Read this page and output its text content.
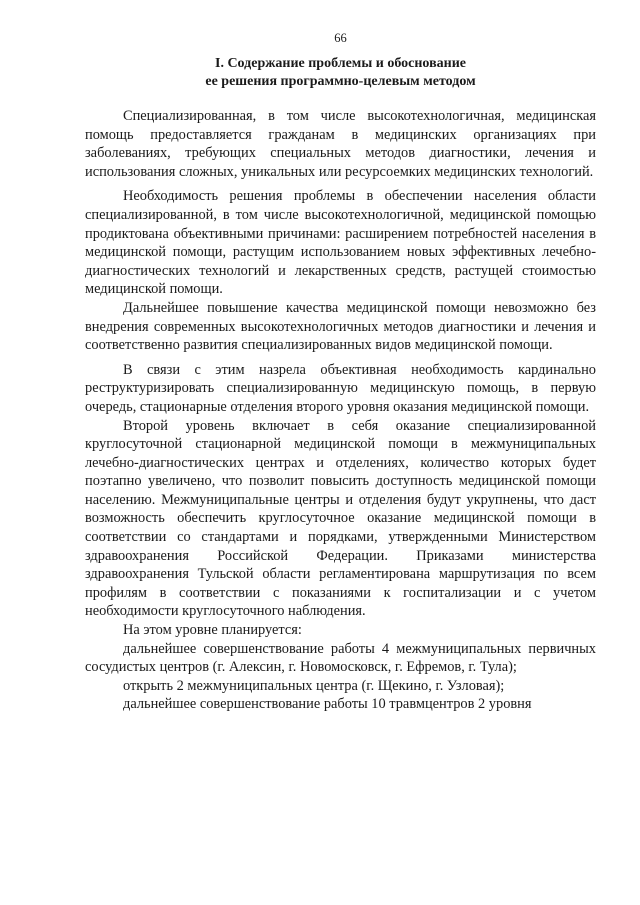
66
I. Содержание проблемы и обоснование
ее решения программно-целевым методом

Специализированная, в том числе высокотехнологичная, медицинская помощь предоставляется гражданам в медицинских организациях при заболеваниях, требующих специальных методов диагностики, лечения и использования сложных, уникальных или ресурсоемких медицинских технологий.

Необходимость решения проблемы в обеспечении населения области специализированной, в том числе высокотехнологичной, медицинской помощью продиктована объективными причинами: расширением потребностей населения в медицинской помощи, растущим использованием новых эффективных лечебно-диагностических технологий и лекарственных средств, растущей стоимостью медицинской помощи.

Дальнейшее повышение качества медицинской помощи невозможно без внедрения современных высокотехнологичных методов диагностики и лечения и соответственно развития специализированных видов медицинской помощи.

В связи с этим назрела объективная необходимость кардинально реструктуризировать специализированную медицинскую помощь, в первую очередь, стационарные отделения второго уровня оказания медицинской помощи.

Второй уровень включает в себя оказание специализированной круглосуточной стационарной медицинской помощи в межмуниципальных лечебно-диагностических центрах и отделениях, количество которых будет поэтапно увеличено, что позволит повысить доступность медицинской помощи населению. Межмуниципальные центры и отделения будут укрупнены, что даст возможность обеспечить круглосуточное оказание медицинской помощи в соответствии со стандартами и порядками, утвержденными Министерством здравоохранения Российской Федерации. Приказами министерства здравоохранения Тульской области регламентирована маршрутизация по всем профилям в соответствии с показаниями к госпитализации и с учетом необходимости круглосуточного наблюдения.

На этом уровне планируется:

дальнейшее совершенствование работы 4 межмуниципальных первичных сосудистых центров (г. Алексин, г. Новомосковск, г. Ефремов, г. Тула);

открыть 2 межмуниципальных центра (г. Щекино, г. Узловая);

дальнейшее совершенствование работы 10 травмцентров 2 уровня
